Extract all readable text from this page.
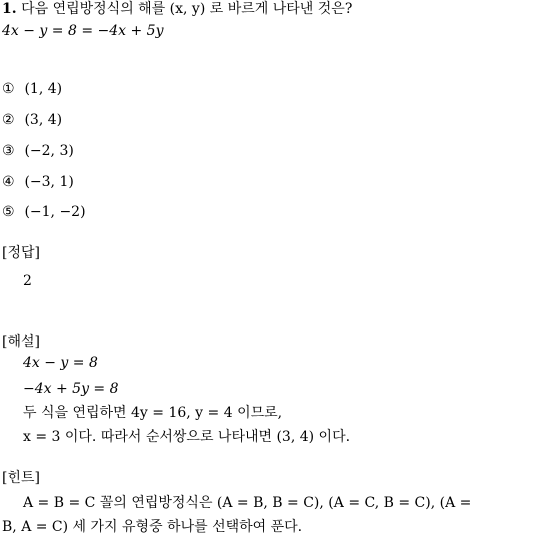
1. 다음 연립방정식의 해를 (x, y) 로 바르게 나타낸 것은?
4x − y = 8 = −4x + 5y
① (1, 4)
② (3, 4)
③ (−2, 3)
④ (−3, 1)
⑤ (−1, −2)
[정답]
2
[해설]
4x − y = 8
−4x + 5y = 8
두 식을 연립하면 4y = 16, y = 4 이므로,
x = 3 이다. 따라서 순서쌍으로 나타내면 (3, 4) 이다.
[힌트]
A = B = C 꼴의 연립방정식은 (A = B, B = C), (A = C, B = C), (A =
B, A = C) 세 가지 유형중 하나를 선택하여 푼다.
